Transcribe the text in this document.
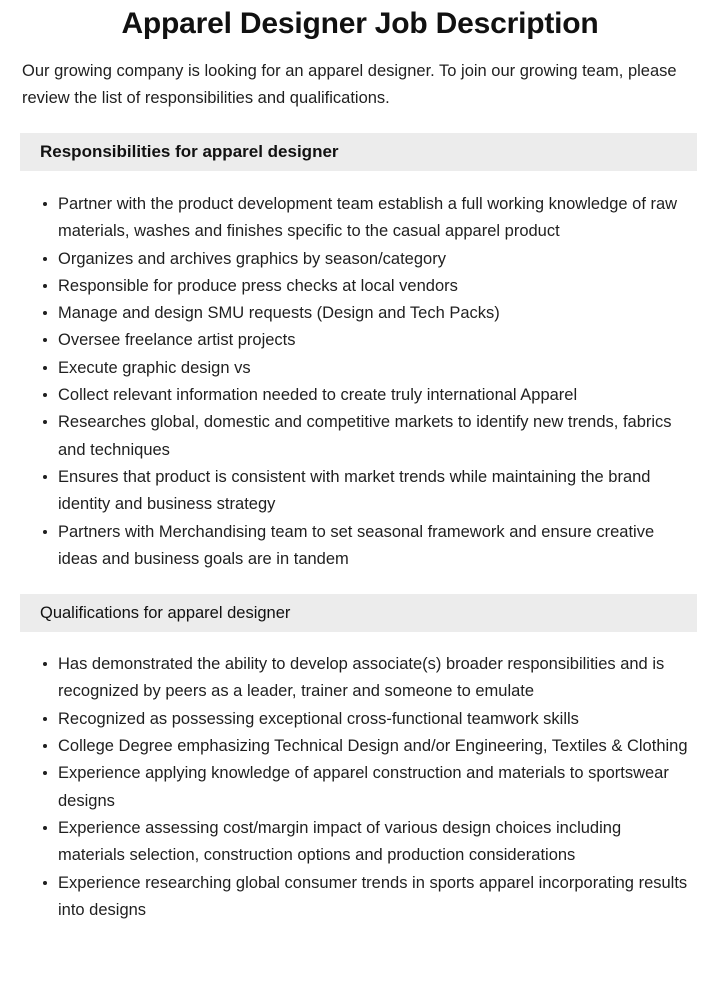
Apparel Designer Job Description

Our growing company is looking for an apparel designer. To join our growing team, please review the list of responsibilities and qualifications.

Responsibilities for apparel designer
Partner with the product development team establish a full working knowledge of raw materials, washes and finishes specific to the casual apparel product
Organizes and archives graphics by season/category
Responsible for produce press checks at local vendors
Manage and design SMU requests (Design and Tech Packs)
Oversee freelance artist projects
Execute graphic design vs
Collect relevant information needed to create truly international Apparel
Researches global, domestic and competitive markets to identify new trends, fabrics and techniques
Ensures that product is consistent with market trends while maintaining the brand identity and business strategy
Partners with Merchandising team to set seasonal framework and ensure creative ideas and business goals are in tandem
Qualifications for apparel designer
Has demonstrated the ability to develop associate(s) broader responsibilities and is recognized by peers as a leader, trainer and someone to emulate
Recognized as possessing exceptional cross-functional teamwork skills
College Degree emphasizing Technical Design and/or Engineering, Textiles & Clothing
Experience applying knowledge of apparel construction and materials to sportswear designs
Experience assessing cost/margin impact of various design choices including materials selection, construction options and production considerations
Experience researching global consumer trends in sports apparel incorporating results into designs
